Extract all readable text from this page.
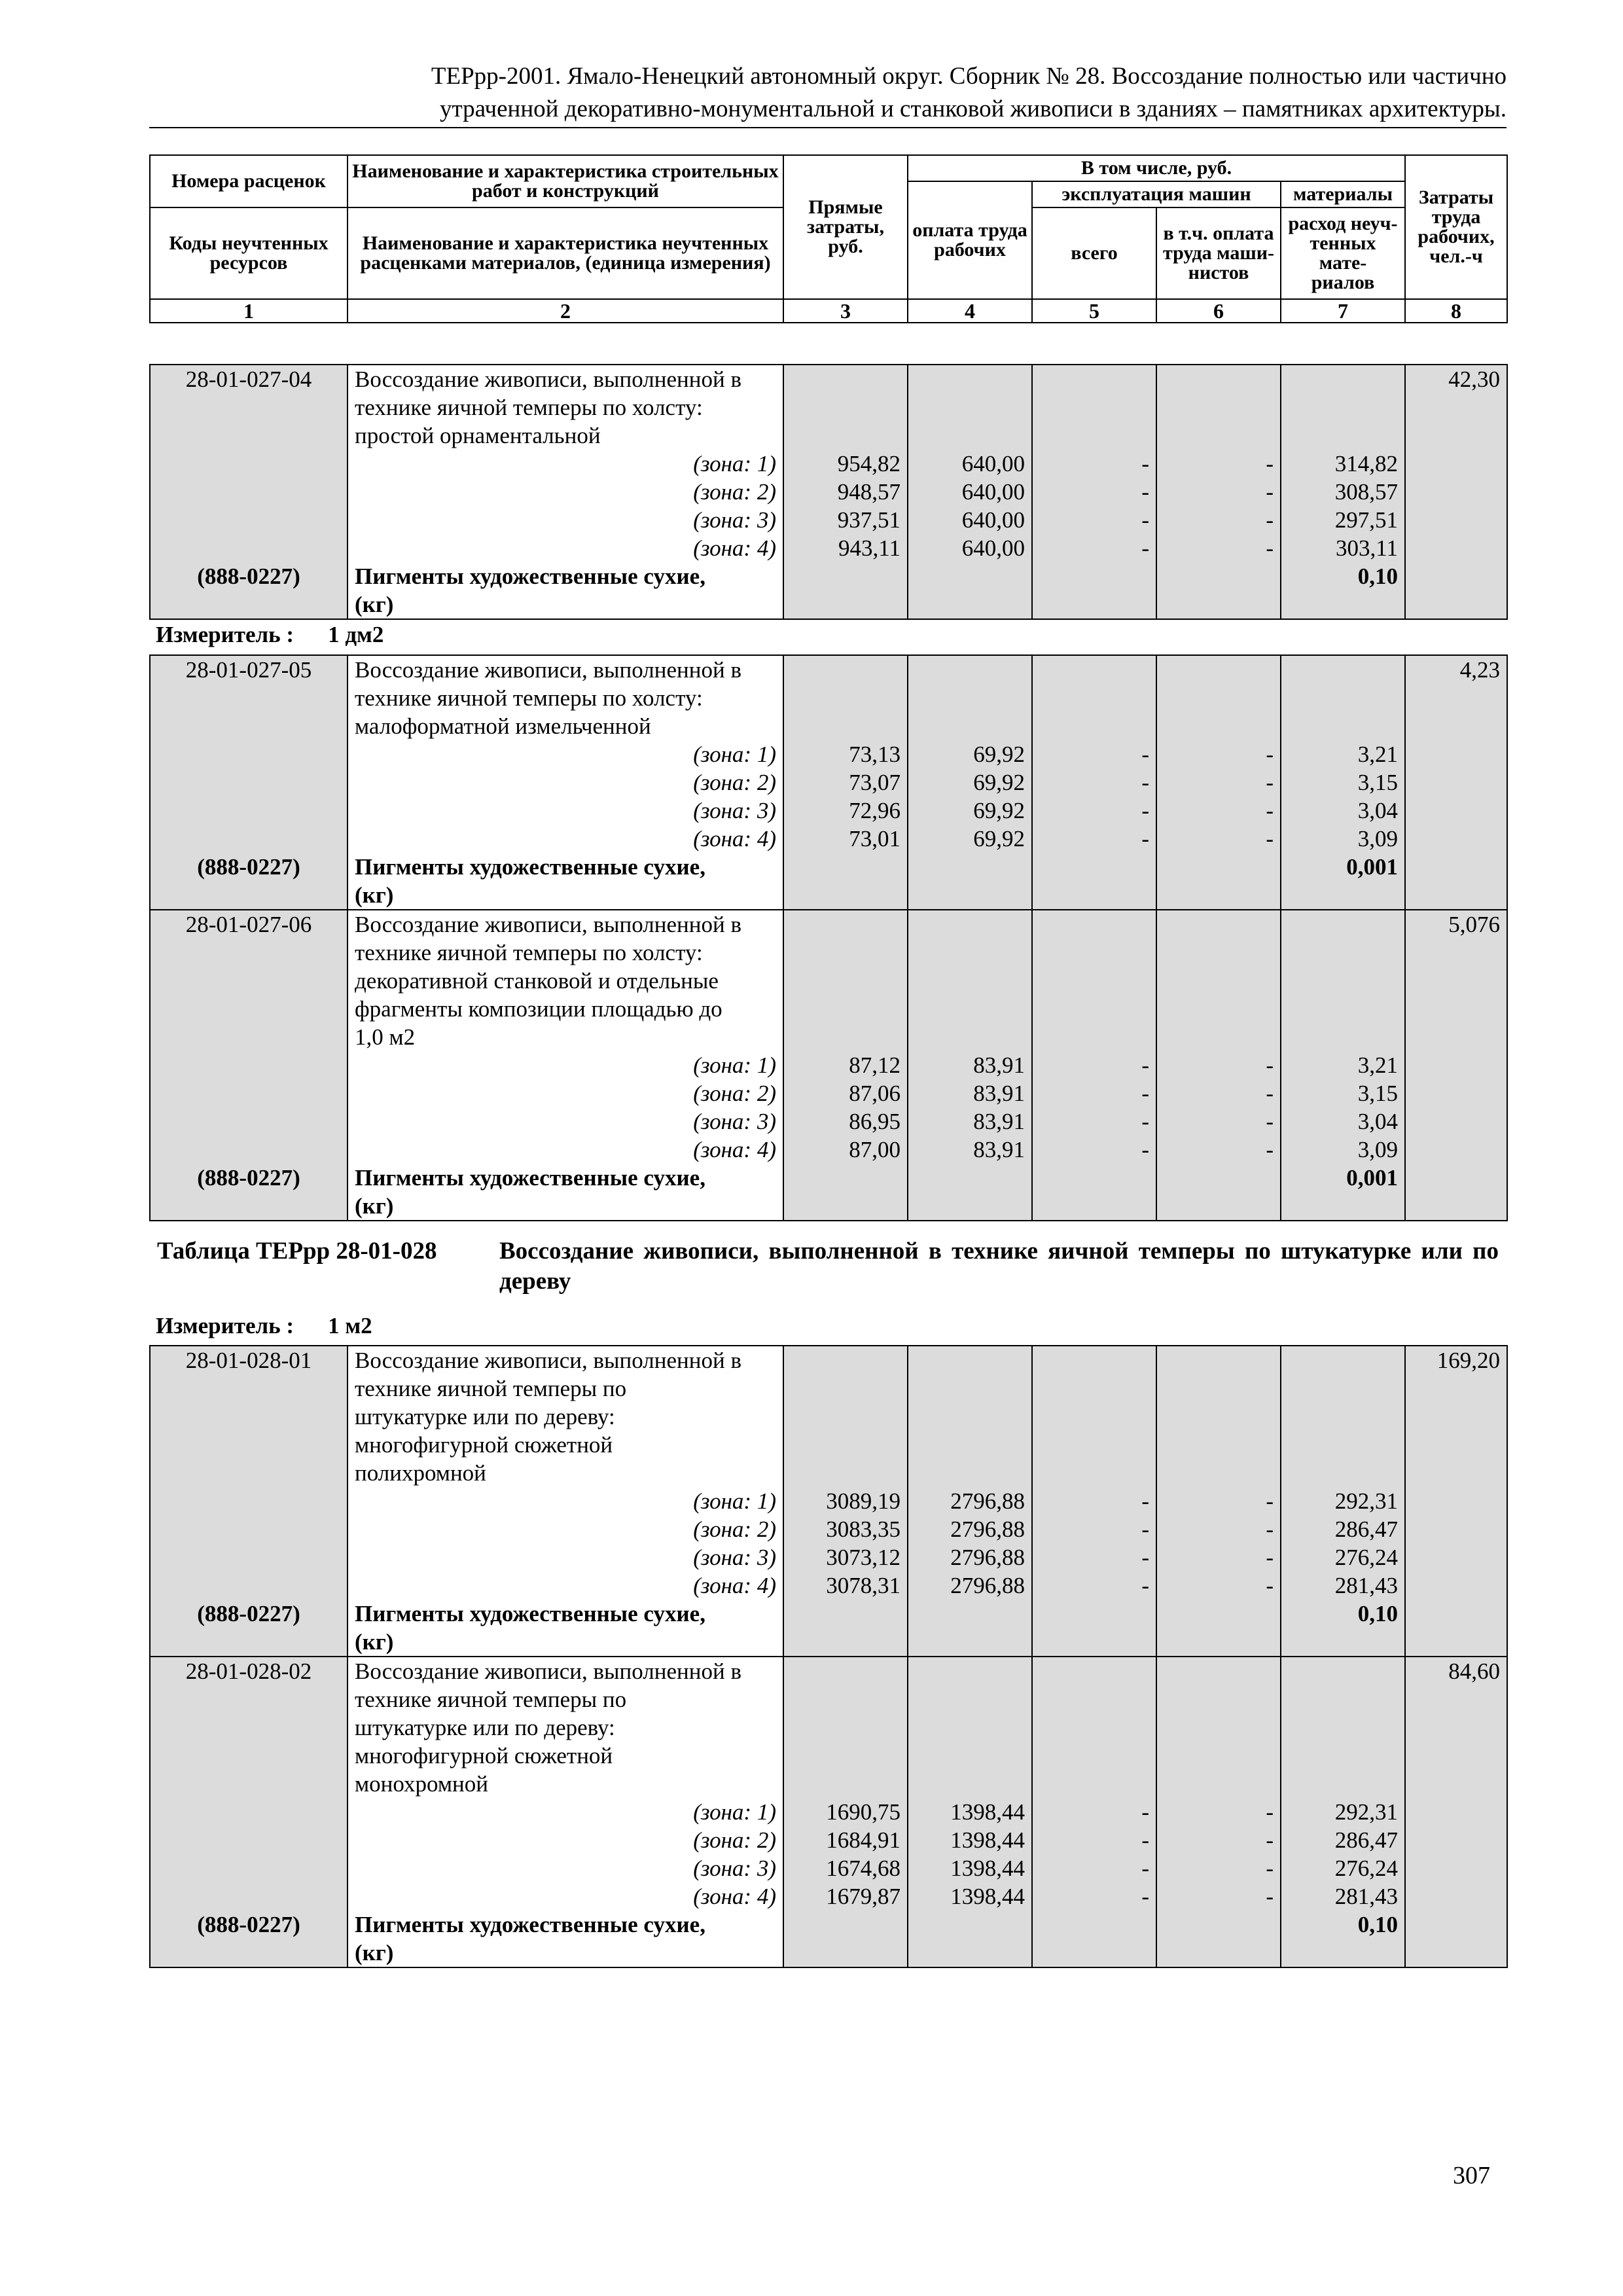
ТЕРрр-2001. Ямало-Ненецкий автономный округ. Сборник № 28. Воссоздание полностью или частично
утраченной декоративно-монументальной и станковой живописи в зданиях – памятниках архитектуры.
Номера расценок	Наименование и характеристика строительных работ и конструкций	Прямые затраты, руб.	В том числе, руб.				Затраты труда рабочих, чел.-ч
			оплата труда рабочих	эксплуатация машин		материалы	
Коды неучтенных ресурсов	Наименование и характеристика неучтенных расценками материалов, (единица измерения)			всего	в т.ч. оплата труда маши- нистов	расход неуч- тенных мате- риалов	

1	2	3	4	5	6	7	8
28-01-027-04	Воссоздание живописи, выполненной в						42,30
	технике яичной темперы по холсту:						
	простой орнаментальной						
	(зона: 1)	954,82	640,00	-	-	314,82	
	(зона: 2)	948,57	640,00	-	-	308,57	
	(зона: 3)	937,51	640,00	-	-	297,51	
	(зона: 4)	943,11	640,00	-	-	303,11	
(888-0227)	Пигменты художественные сухие,					0,10	
	(кг)						
Измеритель : 1 дм2
28-01-027-05	Воссоздание живописи, выполненной в						4,23
	технике яичной темперы по холсту:						
	малоформатной измельченной						
	(зона: 1)	73,13	69,92	-	-	3,21	
	(зона: 2)	73,07	69,92	-	-	3,15	
	(зона: 3)	72,96	69,92	-	-	3,04	
	(зона: 4)	73,01	69,92	-	-	3,09	
(888-0227)	Пигменты художественные сухие,					0,001	
	(кг)						
28-01-027-06	Воссоздание живописи, выполненной в						5,076
	технике яичной темперы по холсту:						
	декоративной станковой и отдельные						
	фрагменты композиции площадью до						
	1,0 м2						
	(зона: 1)	87,12	83,91	-	-	3,21	
	(зона: 2)	87,06	83,91	-	-	3,15	
	(зона: 3)	86,95	83,91	-	-	3,04	
	(зона: 4)	87,00	83,91	-	-	3,09	
(888-0227)	Пигменты художественные сухие,					0,001	
	(кг)						
Таблица ТЕРрр 28-01-028	Воссоздание живописи, выполненной в технике яичной темперы по штукатурке или по дереву
Измеритель : 1 м2
28-01-028-01	Воссоздание живописи, выполненной в						169,20
	технике яичной темперы по						
	штукатурке или по дереву:						
	многофигурной сюжетной						
	полихромной						
	(зона: 1)	3089,19	2796,88	-	-	292,31	
	(зона: 2)	3083,35	2796,88	-	-	286,47	
	(зона: 3)	3073,12	2796,88	-	-	276,24	
	(зона: 4)	3078,31	2796,88	-	-	281,43	
(888-0227)	Пигменты художественные сухие,					0,10	
	(кг)						
28-01-028-02	Воссоздание живописи, выполненной в						84,60
	технике яичной темперы по						
	штукатурке или по дереву:						
	многофигурной сюжетной						
	монохромной						
	(зона: 1)	1690,75	1398,44	-	-	292,31	
	(зона: 2)	1684,91	1398,44	-	-	286,47	
	(зона: 3)	1674,68	1398,44	-	-	276,24	
	(зона: 4)	1679,87	1398,44	-	-	281,43	
(888-0227)	Пигменты художественные сухие,					0,10	
	(кг)						
307
